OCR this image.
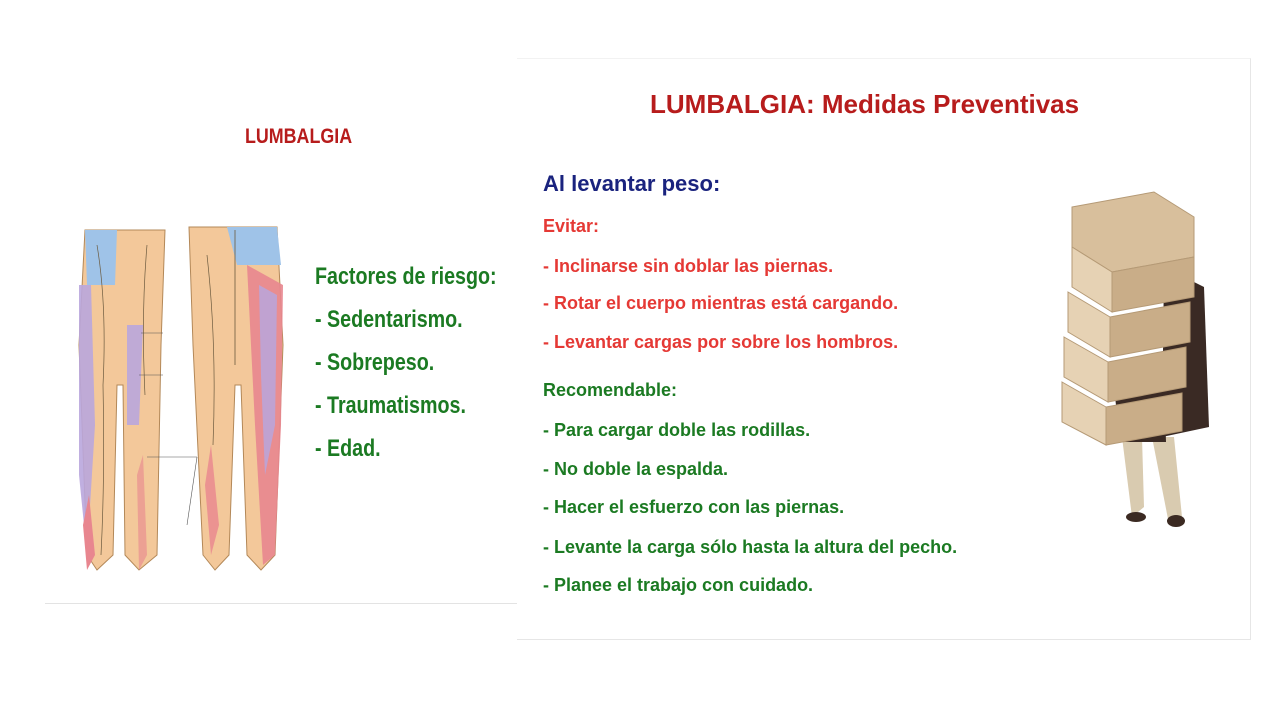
LUMBALGIA
Factores de riesgo:
- Sedentarismo.
- Sobrepeso.
- Traumatismos.
- Edad.
LUMBALGIA: Medidas Preventivas
Al levantar peso:
Evitar:
- Inclinarse sin doblar las piernas.
- Rotar el cuerpo mientras está cargando.
- Levantar cargas por sobre los hombros.
Recomendable:
- Para cargar doble las rodillas.
- No doble la espalda.
- Hacer el esfuerzo con las piernas.
- Levante la carga sólo hasta la altura del pecho.
- Planee el trabajo con cuidado.
